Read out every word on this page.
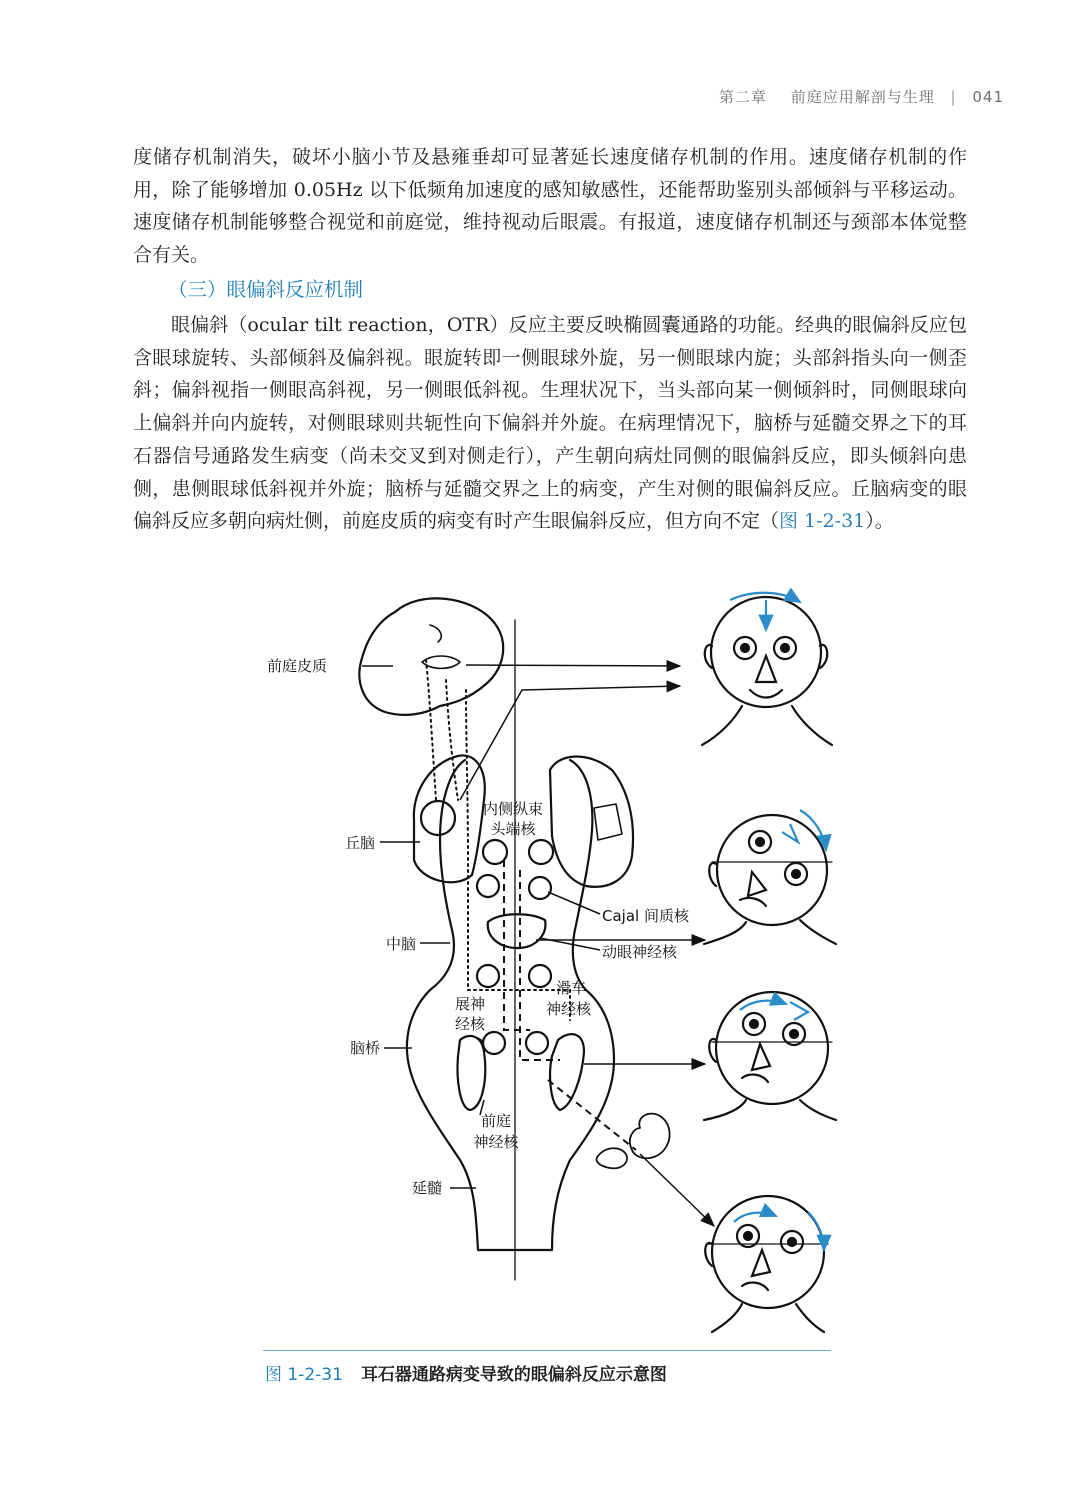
第二章 前庭应用解剖与生理 | 041

度储存机制消失，破坏小脑小节及悬雍垂却可显著延长速度储存机制的作用。速度储存机制的作用，除了能够增加 0.05Hz 以下低频角加速度的感知敏感性，还能帮助鉴别头部倾斜与平移运动。速度储存机制能够整合视觉和前庭觉，维持视动后眼震。有报道，速度储存机制还与颈部本体觉整合有关。

（三）眼偏斜反应机制

眼偏斜（ocular tilt reaction，OTR）反应主要反映椭圆囊通路的功能。经典的眼偏斜反应包含眼球旋转、头部倾斜及偏斜视。眼旋转即一侧眼球外旋，另一侧眼球内旋；头部斜指头向一侧歪斜；偏斜视指一侧眼高斜视，另一侧眼低斜视。生理状况下，当头部向某一侧倾斜时，同侧眼球向上偏斜并向内旋转，对侧眼球则共轭性向下偏斜并外旋。在病理情况下，脑桥与延髓交界之下的耳石器信号通路发生病变（尚未交叉到对侧走行），产生朝向病灶同侧的眼偏斜反应，即头倾斜向患侧，患侧眼球低斜视并外旋；脑桥与延髓交界之上的病变，产生对侧的眼偏斜反应。丘脑病变的眼偏斜反应多朝向病灶侧，前庭皮质的病变有时产生眼偏斜反应，但方向不定（图 1-2-31）。

前庭皮质
丘脑
中脑
脑桥
延髓
内侧纵束
头端核
Cajal 间质核
动眼神经核
滑车
神经核
展神
经核
前庭
神经核

图 1-2-31 耳石器通路病变导致的眼偏斜反应示意图
